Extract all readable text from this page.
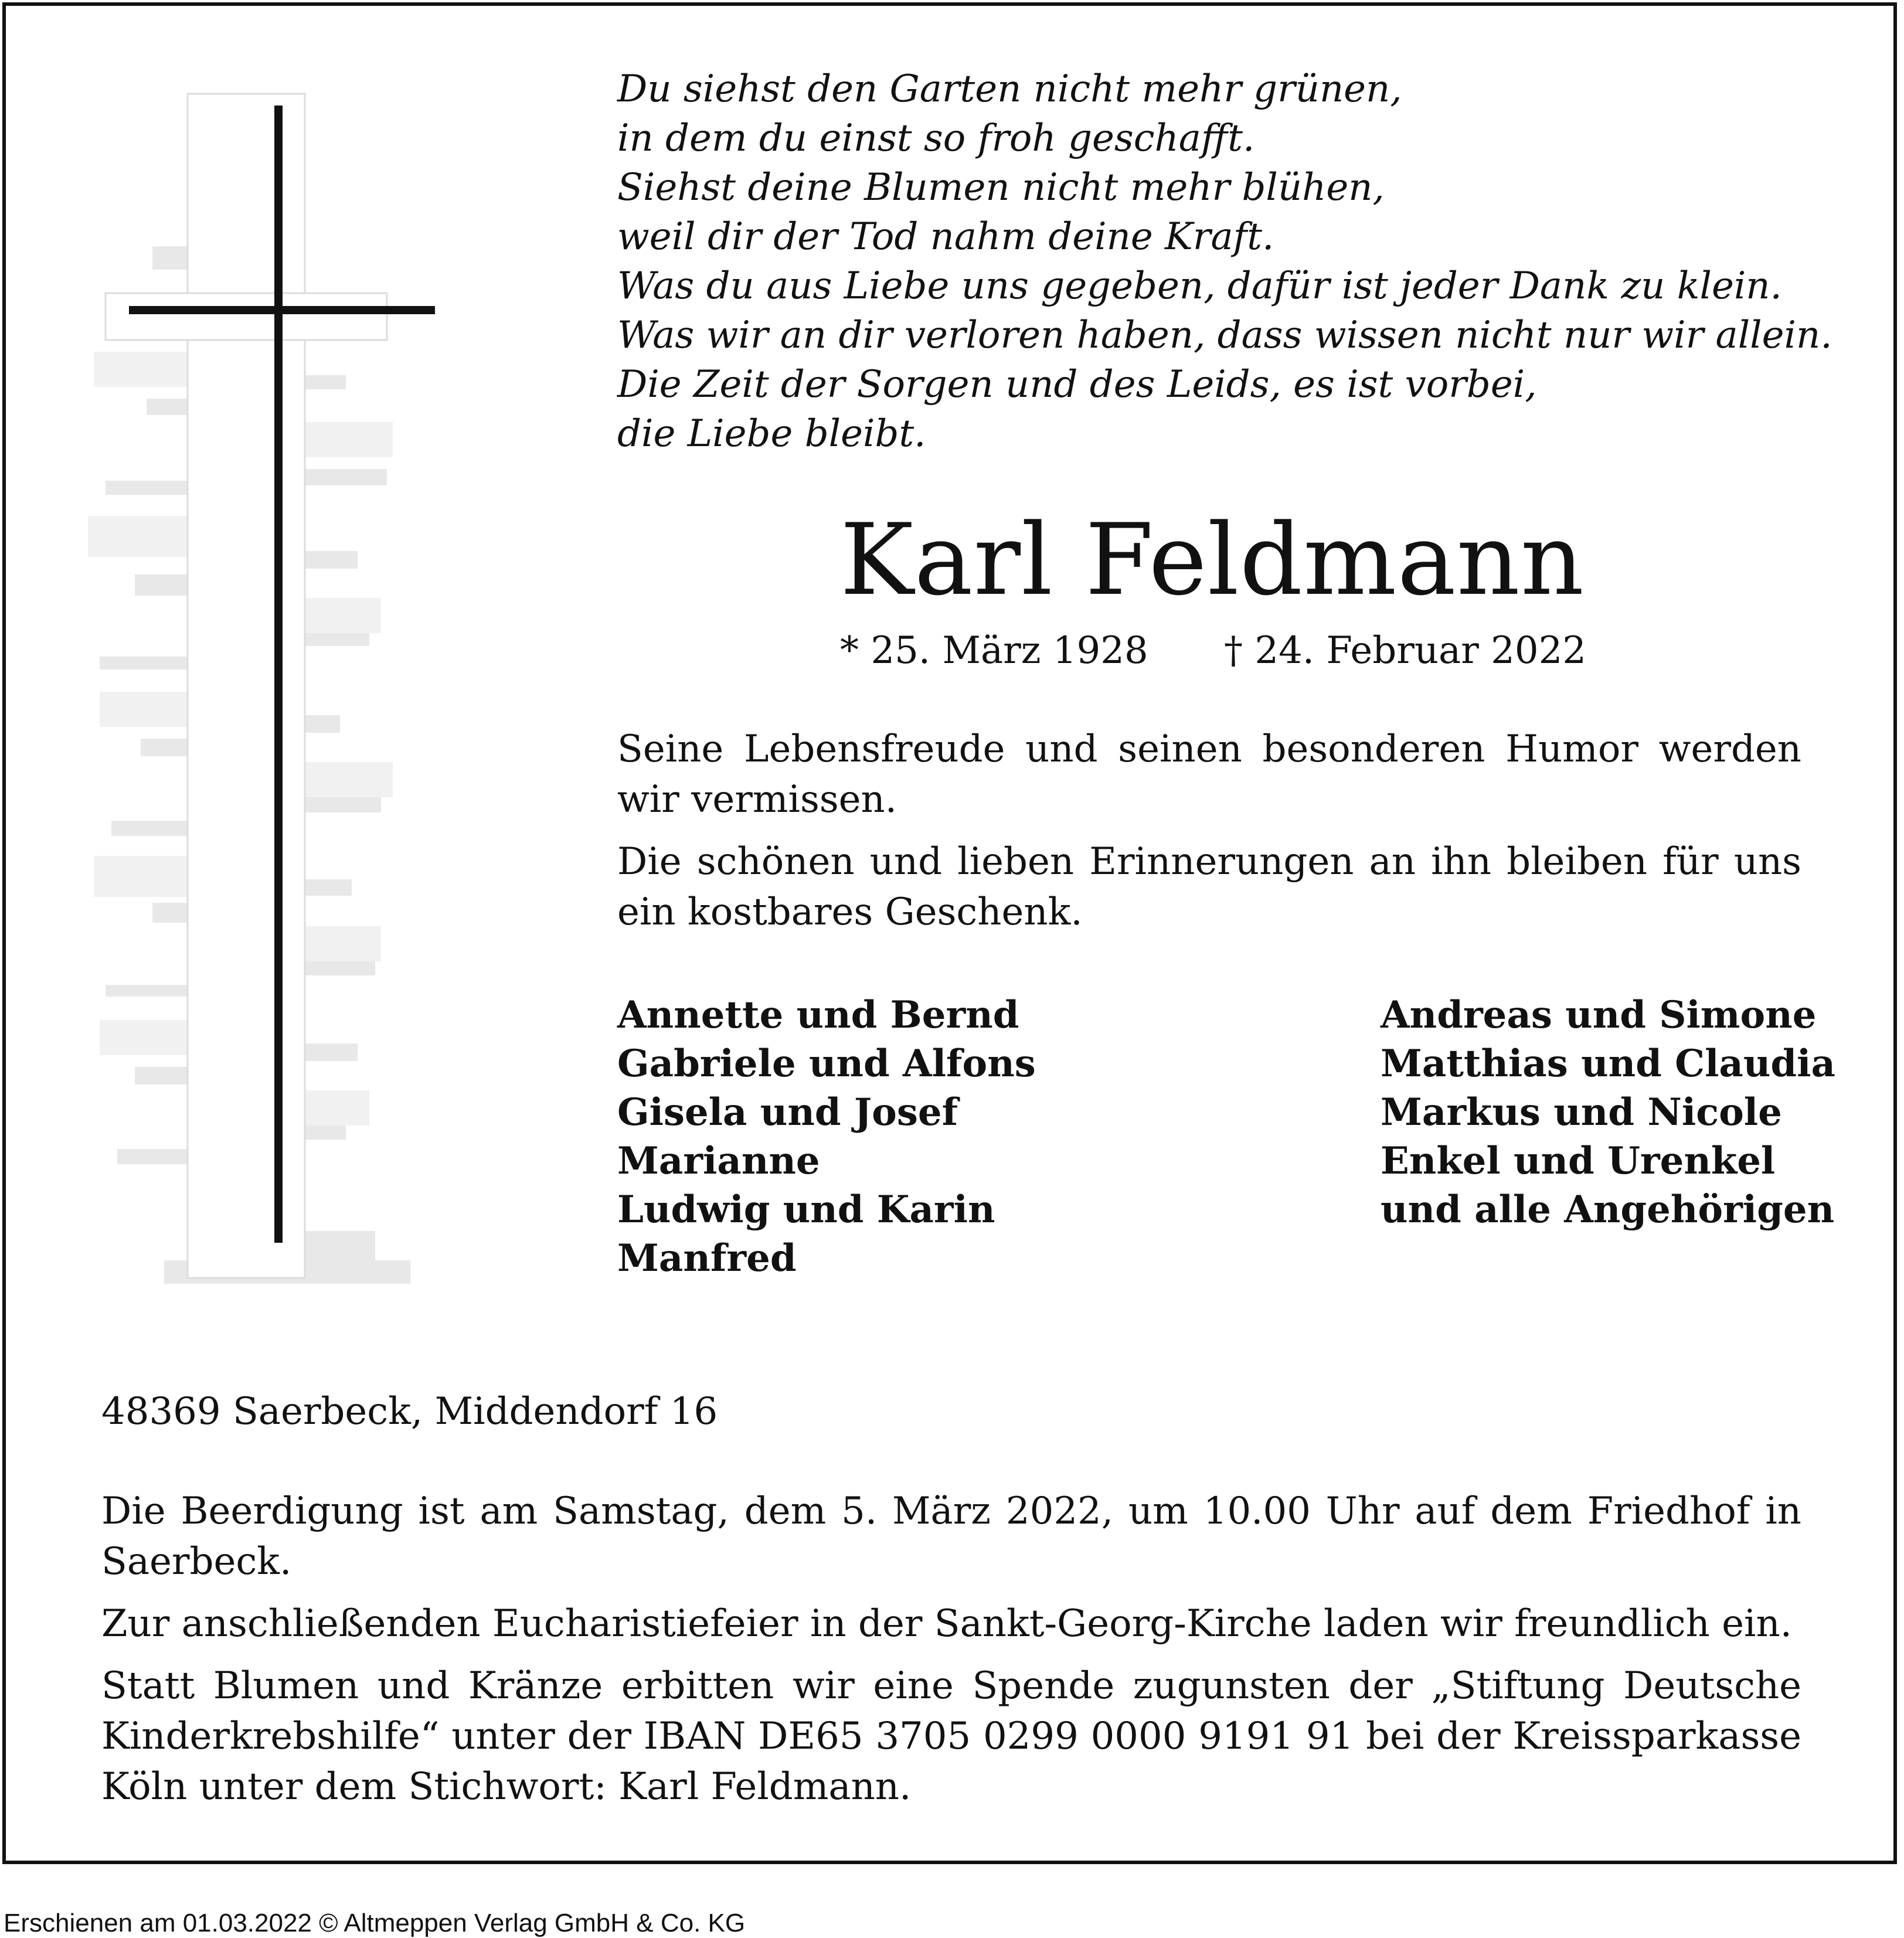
Du siehst den Garten nicht mehr grünen,
in dem du einst so froh geschafft.
Siehst deine Blumen nicht mehr blühen,
weil dir der Tod nahm deine Kraft.
Was du aus Liebe uns gegeben, dafür ist jeder Dank zu klein.
Was wir an dir verloren haben, dass wissen nicht nur wir allein.
Die Zeit der Sorgen und des Leids, es ist vorbei,
die Liebe bleibt.
Karl Feldmann
* 25. März 1928 † 24. Februar 2022

Seine Lebensfreude und seinen besonderen Humor werden wir vermissen.

Die schönen und lieben Erinnerungen an ihn bleiben für uns ein kostbares Geschenk.

Annette und Bernd
Gabriele und Alfons
Gisela und Josef
Marianne
Ludwig und Karin
Manfred
Andreas und Simone
Matthias und Claudia
Markus und Nicole
Enkel und Urenkel
und alle Angehörigen
48369 Saerbeck, Middendorf 16

Die Beerdigung ist am Samstag, dem 5. März 2022, um 10.00 Uhr auf dem Friedhof in Saerbeck.

Zur anschließenden Eucharistiefeier in der Sankt-Georg-Kirche laden wir freundlich ein.

Statt Blumen und Kränze erbitten wir eine Spende zugunsten der „Stiftung Deutsche Kinderkrebshilfe“ unter der IBAN DE65 3705 0299 0000 9191 91 bei der Kreissparkasse Köln unter dem Stichwort: Karl Feldmann.

Erschienen am 01.03.2022 © Altmeppen Verlag GmbH & Co. KG
